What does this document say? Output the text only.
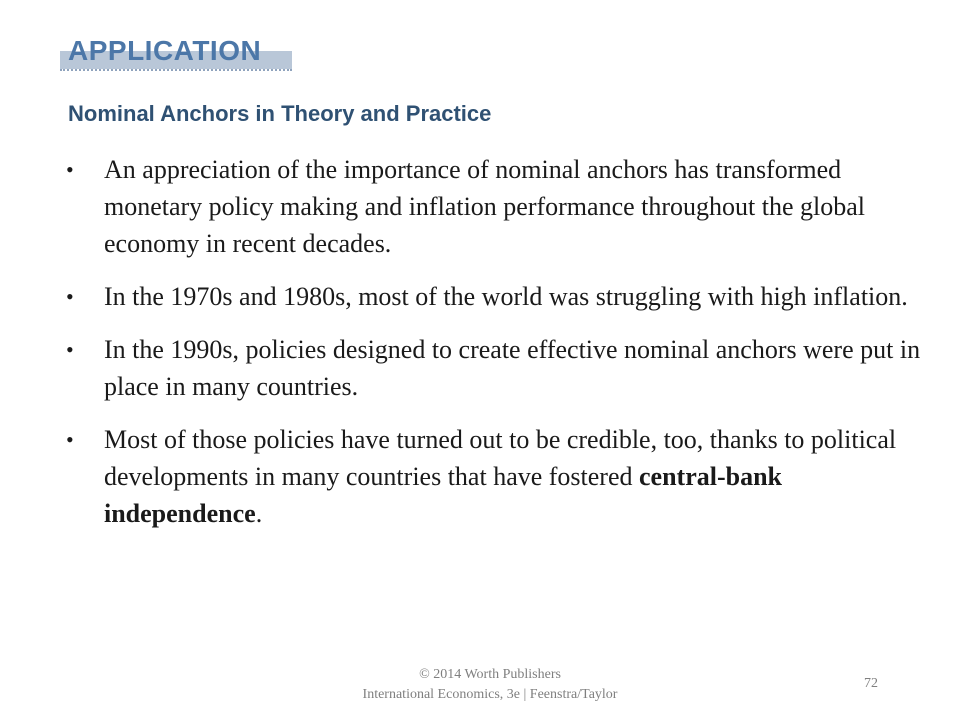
APPLICATION
Nominal Anchors in Theory and Practice
•	An appreciation of the importance of nominal anchors has transformed monetary policy making and inflation performance throughout the global economy in recent decades.
•	In the 1970s and 1980s, most of the world was struggling with high inflation.
•	In the 1990s, policies designed to create effective nominal anchors were put in place in many countries.
•	Most of those policies have turned out to be credible, too, thanks to political developments in many countries that have fostered central-bank independence.
© 2014 Worth Publishers
International Economics, 3e | Feenstra/Taylor
72
